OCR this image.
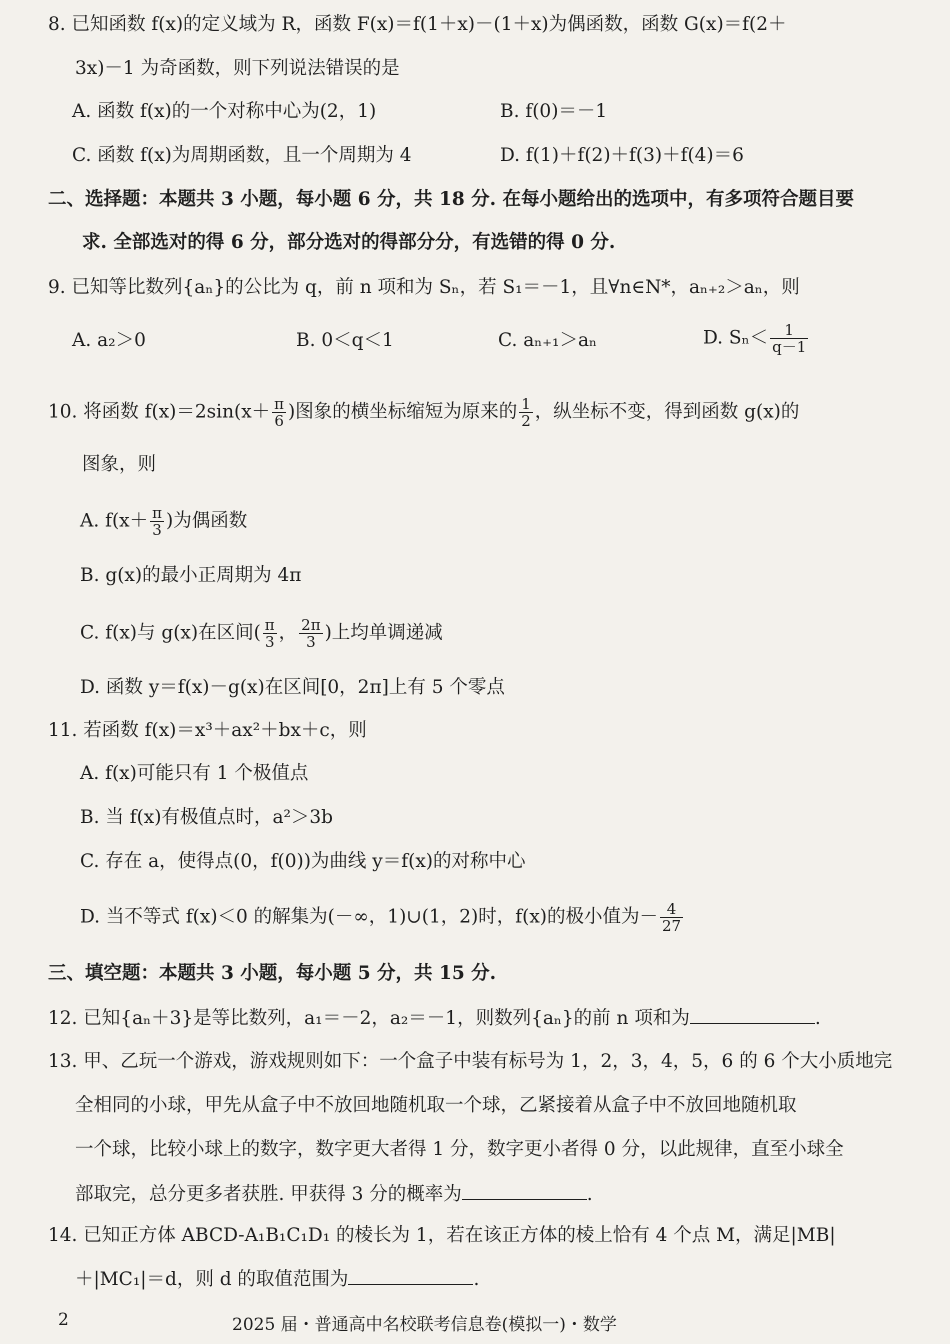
8. 已知函数 f(x)的定义域为 R，函数 F(x)＝f(1＋x)－(1＋x)为偶函数，函数 G(x)＝f(2＋
3x)－1 为奇函数，则下列说法错误的是
A. 函数 f(x)的一个对称中心为(2，1)	B. f(0)＝－1
C. 函数 f(x)为周期函数，且一个周期为 4	D. f(1)＋f(2)＋f(3)＋f(4)＝6
二、选择题：本题共 3 小题，每小题 6 分，共 18 分. 在每小题给出的选项中，有多项符合题目要
求. 全部选对的得 6 分，部分选对的得部分分，有选错的得 0 分.
9. 已知等比数列{aₙ}的公比为 q，前 n 项和为 Sₙ，若 S₁＝－1，且∀n∈N*，aₙ₊₂＞aₙ，则
A. a₂＞0	B. 0＜q＜1	C. aₙ₊₁＞aₙ	D. $S_n< \frac{1}{q-1}$
10. 将函数 $f(x)=2\sin(x+ \frac{\pi}{6}$ )图象的横坐标缩短为原来的 $\frac{1}{2}$ ，纵坐标不变，得到函数 g(x)的
图象，则
A. $f(x+ \frac{\pi}{3}$ )为偶函数
B. g(x)的最小正周期为 4π
C. f(x)与 g(x)在区间( $\frac{\pi}{3}$ ， $\frac{2\pi}{3}$ )上均单调递减
D. 函数 y＝f(x)－g(x)在区间[0，2π]上有 5 个零点
11. 若函数 f(x)＝x³＋ax²＋bx＋c，则
A. f(x)可能只有 1 个极值点
B. 当 f(x)有极值点时，a²＞3b
C. 存在 a，使得点(0，f(0))为曲线 y＝f(x)的对称中心
D. 当不等式 f(x)＜0 的解集为(－∞，1)∪(1，2)时，f(x)的极小值为－ $\frac{4}{27}$
三、填空题：本题共 3 小题，每小题 5 分，共 15 分.
12. 已知{aₙ＋3}是等比数列，a₁＝－2，a₂＝－1，则数列{aₙ}的前 n 项和为	.
13. 甲、乙玩一个游戏，游戏规则如下：一个盒子中装有标号为 1，2，3，4，5，6 的 6 个大小质地完
全相同的小球，甲先从盒子中不放回地随机取一个球，乙紧接着从盒子中不放回地随机取
一个球，比较小球上的数字，数字更大者得 1 分，数字更小者得 0 分，以此规律，直至小球全
部取完，总分更多者获胜. 甲获得 3 分的概率为	.
14. 已知正方体 ABCD-A₁B₁C₁D₁ 的棱长为 1，若在该正方体的棱上恰有 4 个点 M，满足|MB|
＋|MC₁|＝d，则 d 的取值范围为	.
2	2025 届・普通高中名校联考信息卷(模拟一)・数学
